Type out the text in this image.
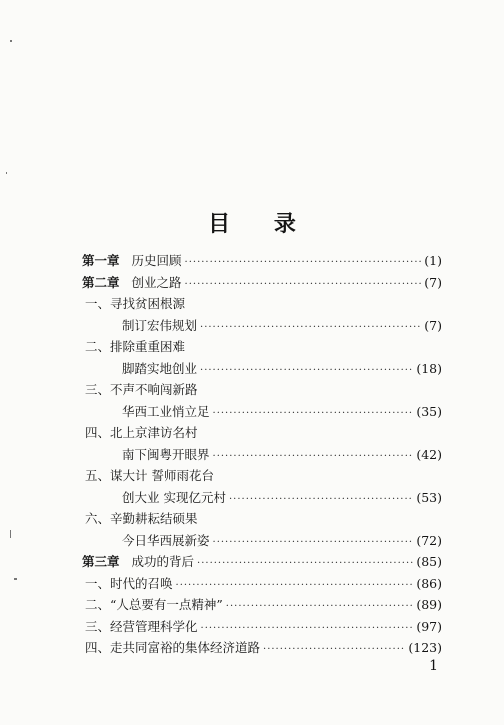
目 录
第一章 历史回顾 ·····	(1)
第二章 创业之路 ·····	(7)
一、寻找贫困根源
制订宏伟规划 ·····	(7)
二、排除重重困难
脚踏实地创业 ·····	(18)
三、不声不响闯新路
华西工业悄立足 ·····	(35)
四、北上京津访名村
南下闽粤开眼界 ·····	(42)
五、谋大计 誓师雨花台
创大业 实现亿元村 ·····	(53)
六、辛勤耕耘结硕果
今日华西展新姿 ·····	(72)
第三章 成功的背后 ·····	(85)
一、时代的召唤 ·····	(86)
二、“人总要有一点精神” ·····	(89)
三、经营管理科学化 ·····	(97)
四、走共同富裕的集体经济道路 ·····	(123)
1
